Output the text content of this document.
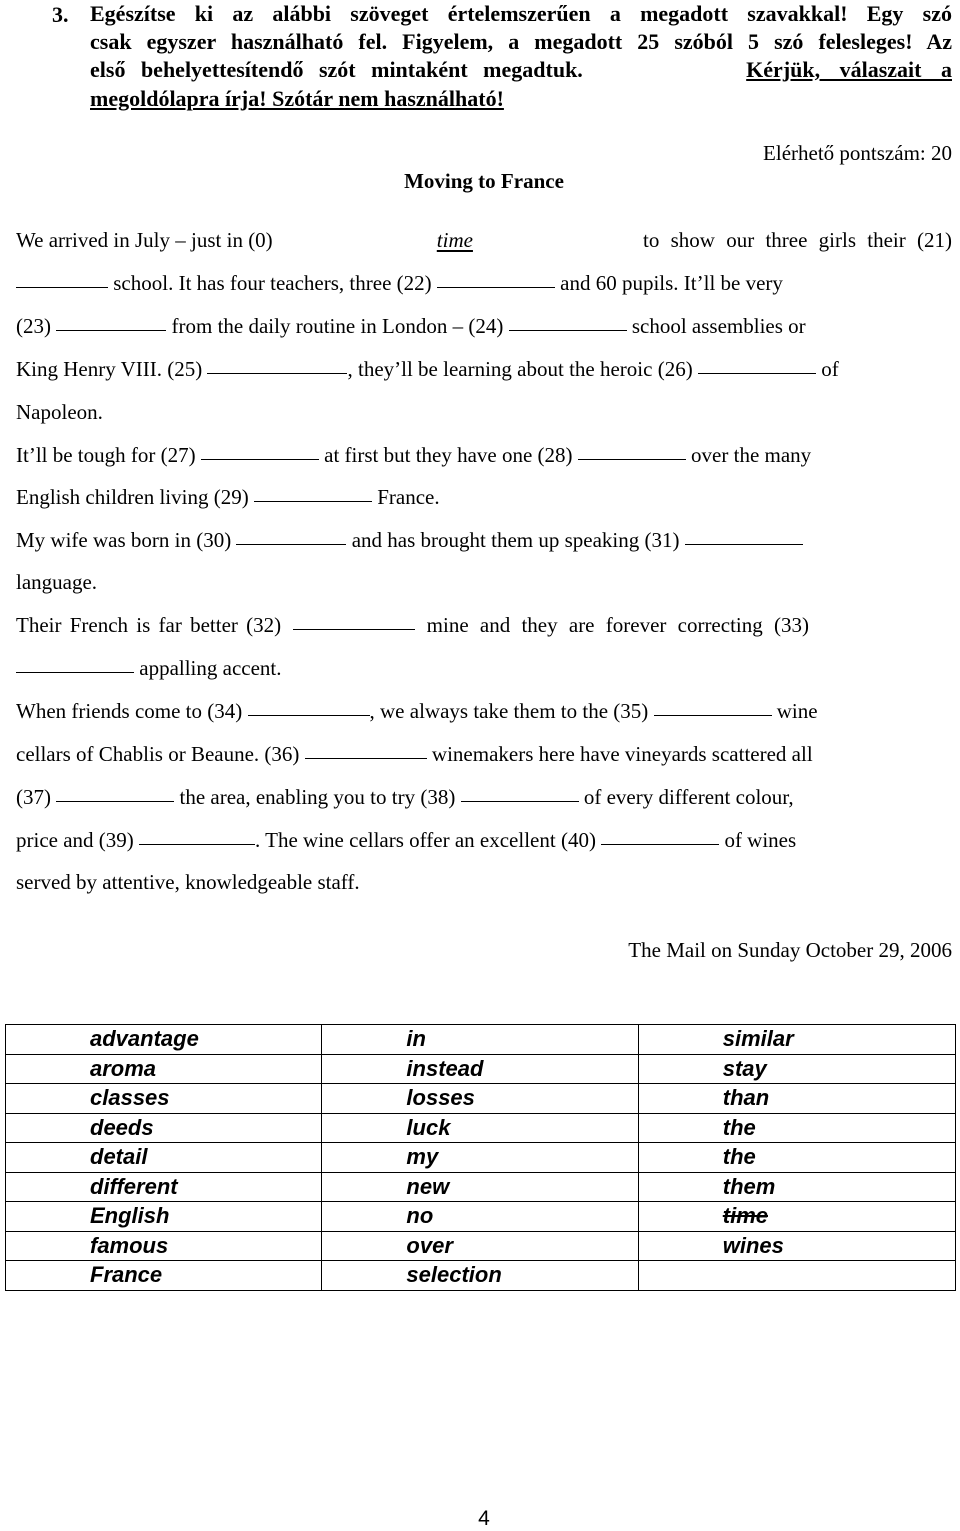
3. Egészítse ki az alábbi szöveget értelemszerűen a megadott szavakkal! Egy szó
csak egyszer használható fel. Figyelem, a megadott 25 szóból 5 szó felesleges! Az
első behelyettesítendő szót mintaként megadtuk.	Kérjük, válaszait a
megoldólapra írja! Szótár nem használható!
Elérhető pontszám: 20
Moving to France
We arrived in July – just in (0)	time	to show our three girls their (21)
school. It has four teachers, three (22)	and 60 pupils. It’ll be very
(23)	from the daily routine in London – (24)	school assemblies or
King Henry VIII. (25)	, they’ll be learning about the heroic (26)	of
Napoleon.
It’ll be tough for (27)	at first but they have one (28)	over the many
English children living (29)	France.
My wife was born in (30)	and has brought them up speaking (31)
language.
Their French is far better (32)	mine and they are forever correcting (33)
appalling accent.
When friends come to (34)	, we always take them to the (35)	wine
cellars of Chablis or Beaune. (36)	winemakers here have vineyards scattered all
(37)	the area, enabling you to try (38)	of every different colour,
price and (39)	. The wine cellars offer an excellent (40)	of wines
served by attentive, knowledgeable staff.
The Mail on Sunday October 29, 2006
advantage	in	similar
aroma	instead	stay
classes	losses	than
deeds	luck	the
detail	my	the
different	new	them
English	no	time
famous	over	wines
France	selection	
4
